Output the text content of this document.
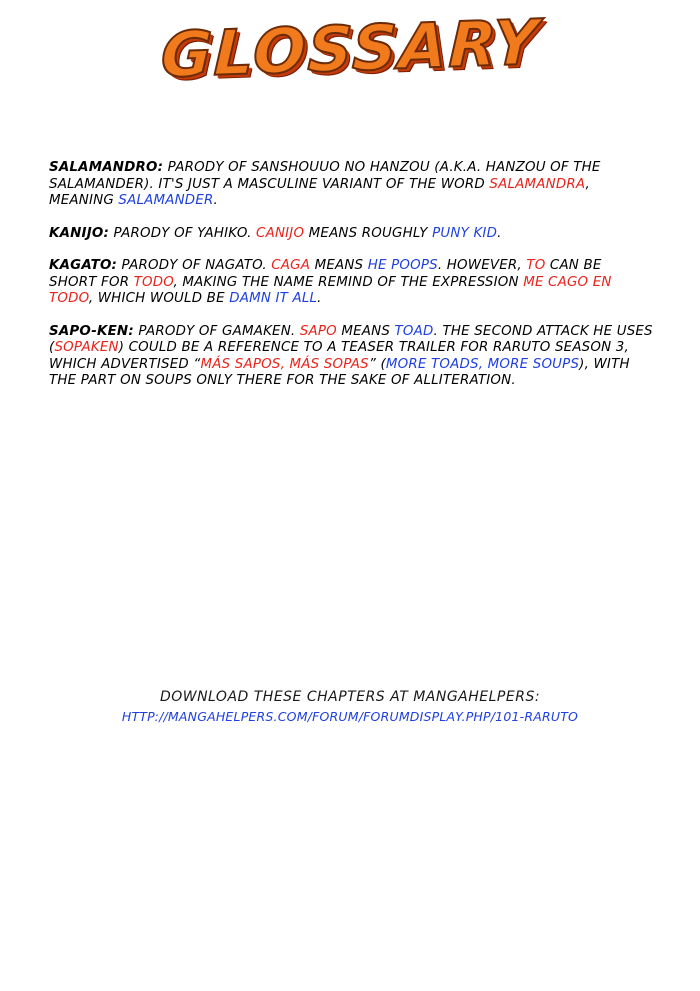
GLOSSARY

SALAMANDRO: PARODY OF SANSHOUUO NO HANZOU (A.K.A. HANZOU OF THE SALAMANDER). IT'S JUST A MASCULINE VARIANT OF THE WORD SALAMANDRA, MEANING SALAMANDER.

KANIJO: PARODY OF YAHIKO. CANIJO MEANS ROUGHLY PUNY KID.

KAGATO: PARODY OF NAGATO. CAGA MEANS HE POOPS. HOWEVER, TO CAN BE SHORT FOR TODO, MAKING THE NAME REMIND OF THE EXPRESSION ME CAGO EN TODO, WHICH WOULD BE DAMN IT ALL.

SAPO-KEN: PARODY OF GAMAKEN. SAPO MEANS TOAD. THE SECOND ATTACK HE USES (SOPAKEN) COULD BE A REFERENCE TO A TEASER TRAILER FOR RARUTO SEASON 3, WHICH ADVERTISED “MÁS SAPOS, MÁS SOPAS” (MORE TOADS, MORE SOUPS), WITH THE PART ON SOUPS ONLY THERE FOR THE SAKE OF ALLITERATION.

DOWNLOAD THESE CHAPTERS AT MANGAHELPERS:
HTTP://MANGAHELPERS.COM/FORUM/FORUMDISPLAY.PHP/101-RARUTO
